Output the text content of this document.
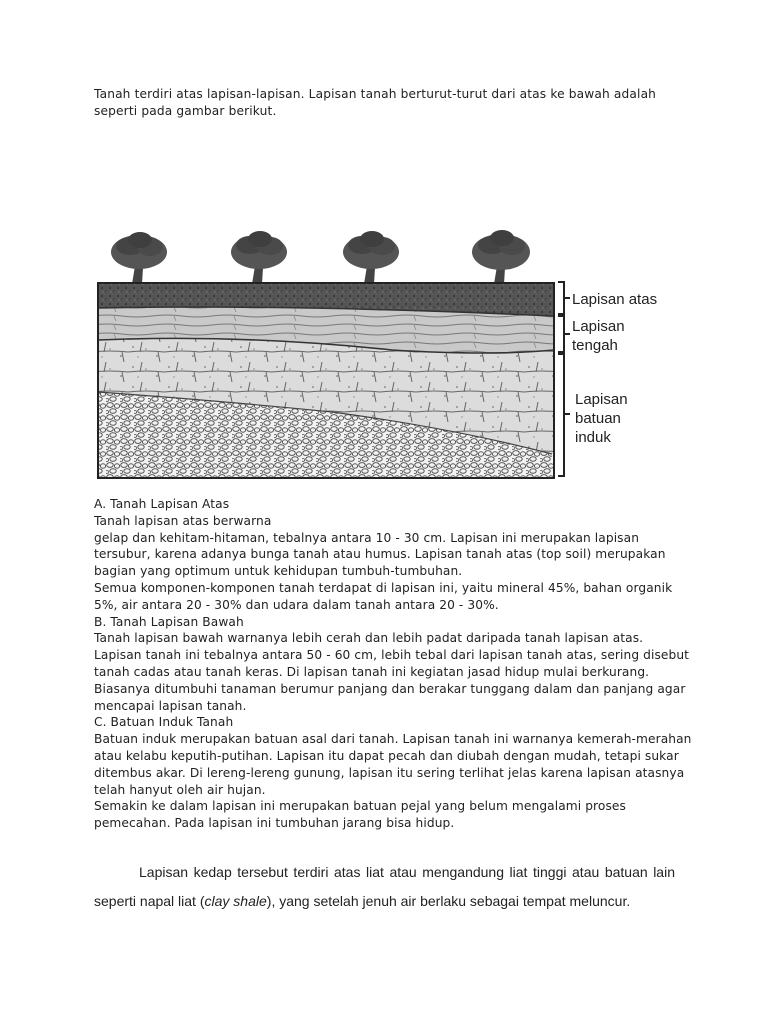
Tanah terdiri atas lapisan-lapisan. Lapisan tanah berturut-turut dari atas ke bawah adalah

seperti pada gambar berikut.

Lapisan atas
Lapisan
tengah
Lapisan
batuan
induk

A. Tanah Lapisan Atas

Tanah lapisan atas berwarna

gelap dan kehitam-hitaman, tebalnya antara 10 - 30 cm. Lapisan ini merupakan lapisan

tersubur, karena adanya bunga tanah atau humus. Lapisan tanah atas (top soil) merupakan

bagian yang optimum untuk kehidupan tumbuh-tumbuhan.

Semua komponen-komponen tanah terdapat di lapisan ini, yaitu mineral 45%, bahan organik

5%, air antara 20 - 30% dan udara dalam tanah antara 20 - 30%.

B. Tanah Lapisan Bawah

Tanah lapisan bawah warnanya lebih cerah dan lebih padat daripada tanah lapisan atas.

Lapisan tanah ini tebalnya antara 50 - 60 cm, lebih tebal dari lapisan tanah atas, sering disebut

tanah cadas atau tanah keras. Di lapisan tanah ini kegiatan jasad hidup mulai berkurang.

Biasanya ditumbuhi tanaman berumur panjang dan berakar tunggang dalam dan panjang agar

mencapai lapisan tanah.

C. Batuan Induk Tanah

Batuan induk merupakan batuan asal dari tanah. Lapisan tanah ini warnanya kemerah-merahan

atau kelabu keputih-putihan. Lapisan itu dapat pecah dan diubah dengan mudah, tetapi sukar

ditembus akar. Di lereng-lereng gunung, lapisan itu sering terlihat jelas karena lapisan atasnya

telah hanyut oleh air hujan.

Semakin ke dalam lapisan ini merupakan batuan pejal yang belum mengalami proses

pemecahan. Pada lapisan ini tumbuhan jarang bisa hidup.

Lapisan kedap tersebut terdiri atas liat atau mengandung liat tinggi atau batuan lain seperti napal liat (clay shale), yang setelah jenuh air berlaku sebagai tempat meluncur.
